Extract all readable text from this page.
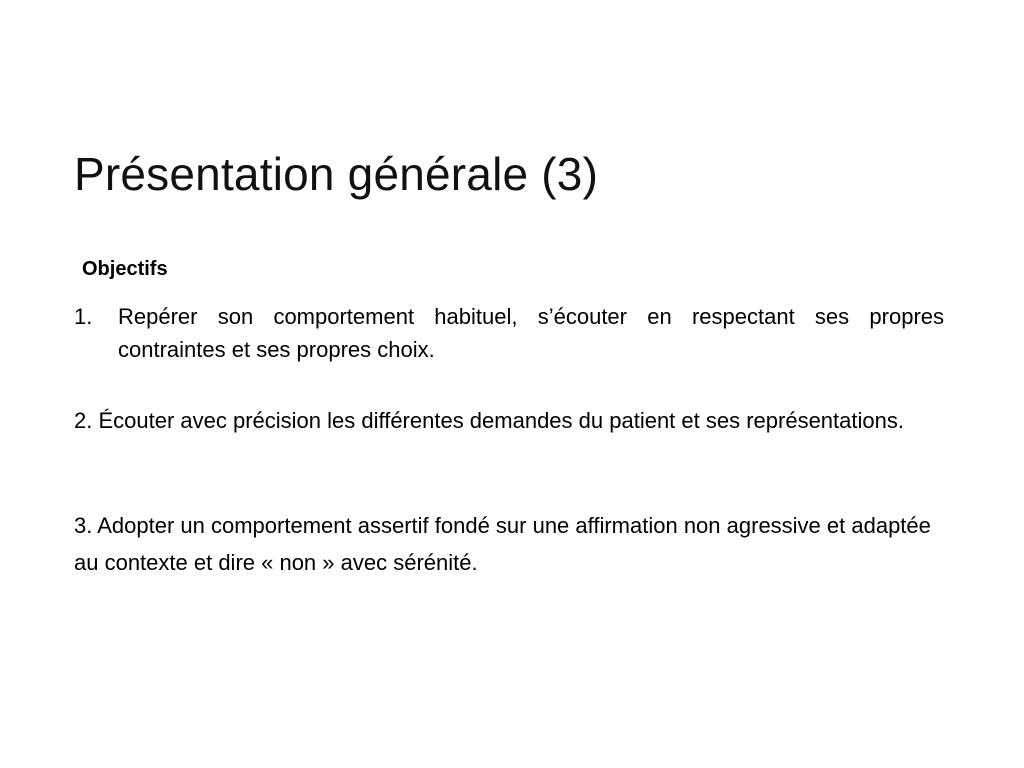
Présentation générale (3)
Objectifs
1.	Repérer son comportement habituel, s’écouter en respectant ses propres contraintes et ses propres choix.
2. Écouter avec précision les différentes demandes du patient et ses représentations.
3. Adopter un comportement assertif fondé sur une affirmation non agressive et adaptée au contexte et dire « non » avec sérénité.
